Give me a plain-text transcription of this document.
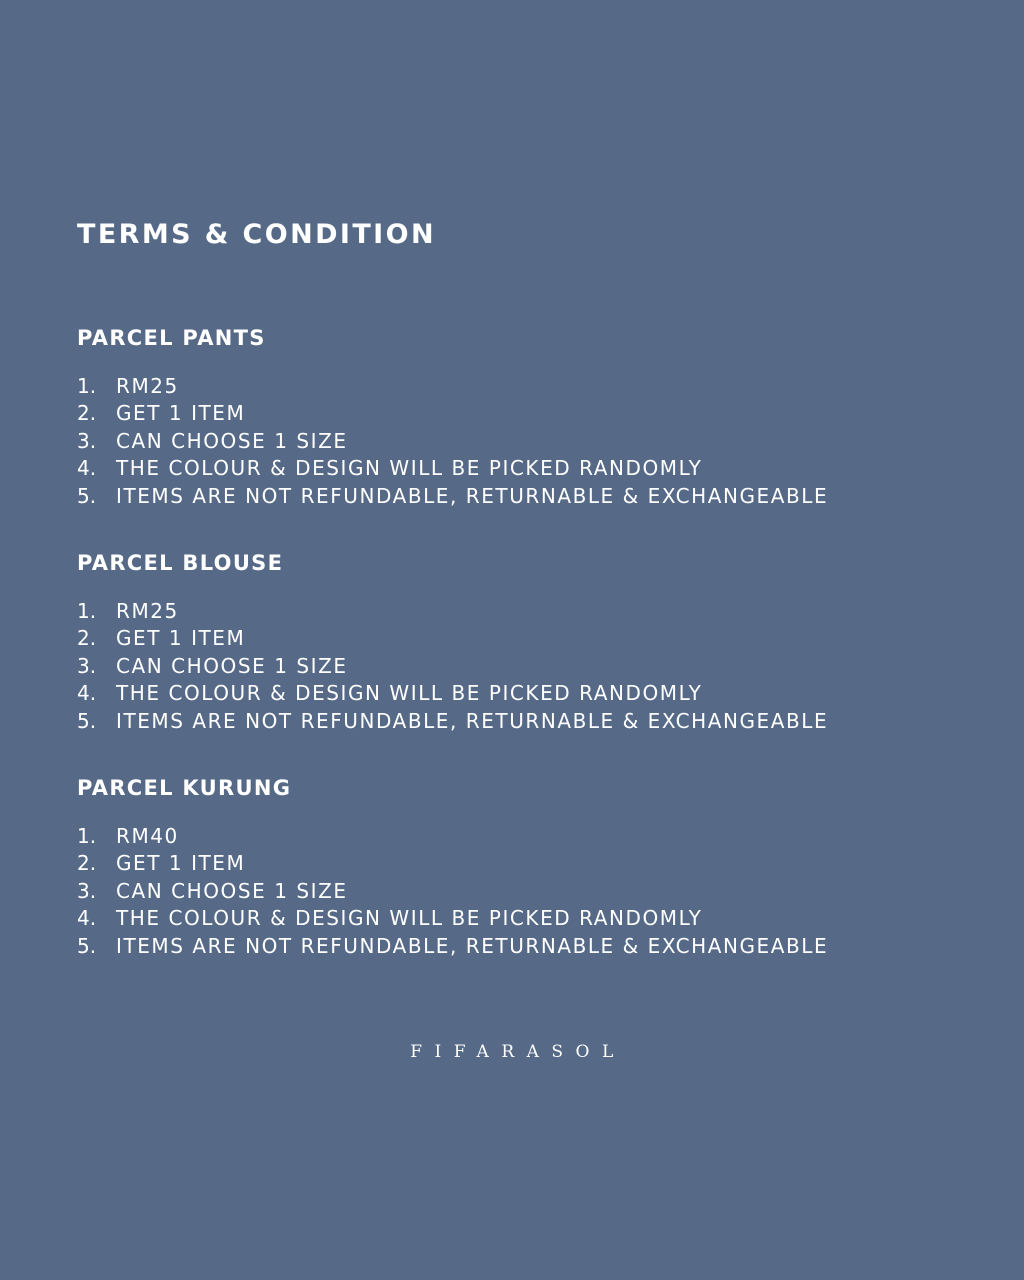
TERMS & CONDITION
PARCEL PANTS
1. RM25
2. GET 1 ITEM
3. CAN CHOOSE 1 SIZE
4. THE COLOUR & DESIGN WILL BE PICKED RANDOMLY
5. ITEMS ARE NOT REFUNDABLE, RETURNABLE & EXCHANGEABLE
PARCEL BLOUSE
1. RM25
2. GET 1 ITEM
3. CAN CHOOSE 1 SIZE
4. THE COLOUR & DESIGN WILL BE PICKED RANDOMLY
5. ITEMS ARE NOT REFUNDABLE, RETURNABLE & EXCHANGEABLE
PARCEL KURUNG
1. RM40
2. GET 1 ITEM
3. CAN CHOOSE 1 SIZE
4. THE COLOUR & DESIGN WILL BE PICKED RANDOMLY
5. ITEMS ARE NOT REFUNDABLE, RETURNABLE & EXCHANGEABLE
FIFARASOL
